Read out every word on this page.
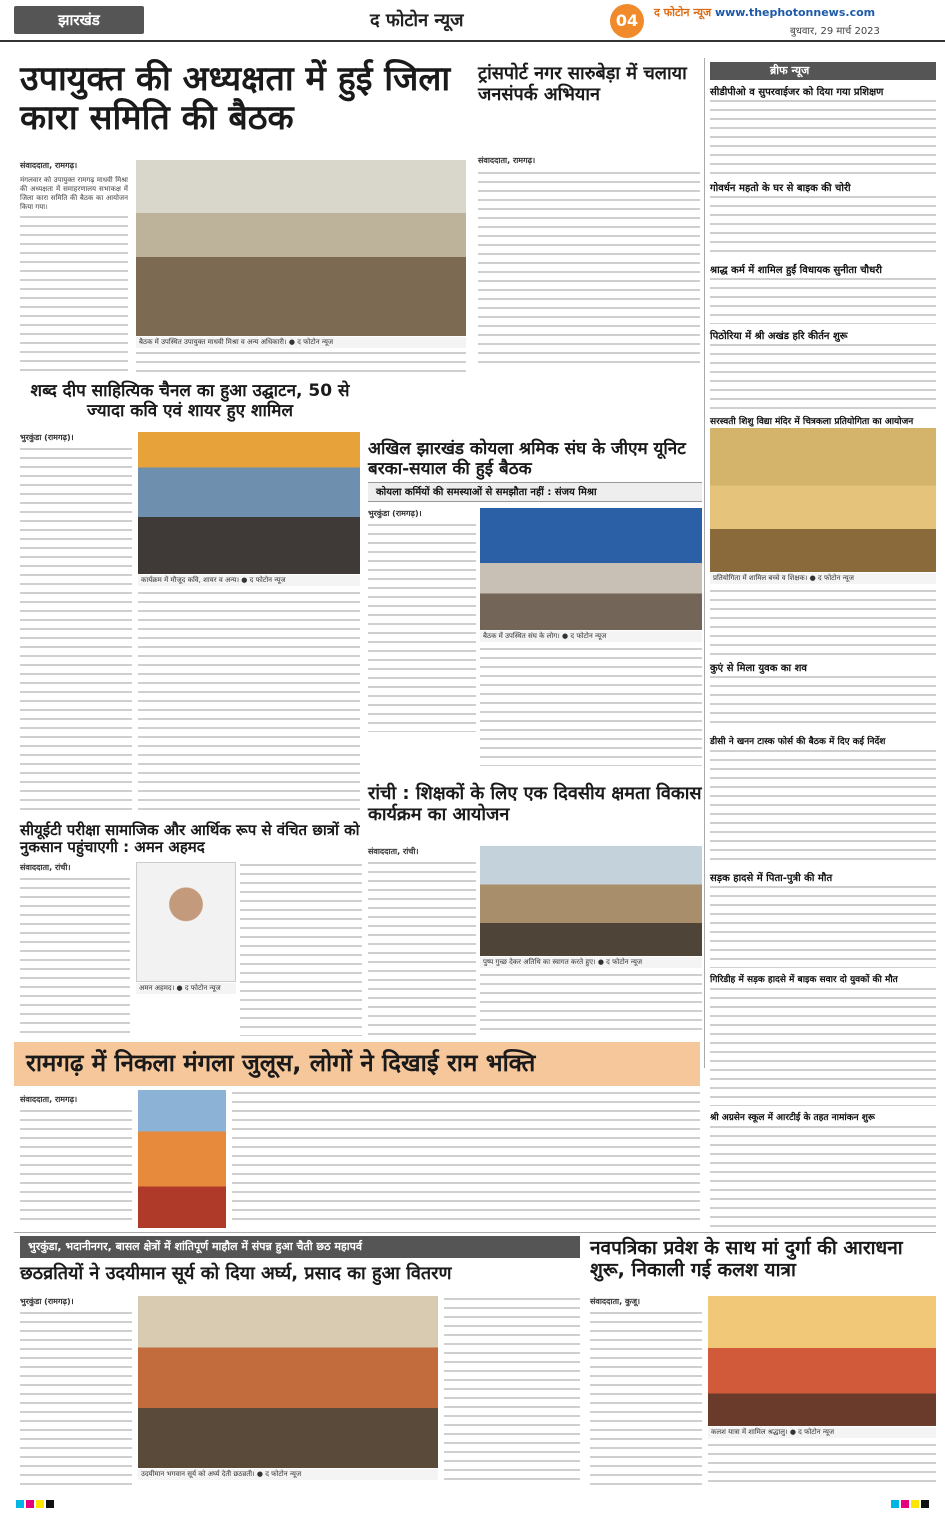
झारखंड	द फोटोन न्यूज	04	द फोटोन न्यूज www.thephotonnews.com
बुधवार, 29 मार्च 2023
उपायुक्त की अध्यक्षता में हुई जिला कारा समिति की बैठक
संवाददाता, रामगढ़।
मंगलवार को उपायुक्त रामगढ़ माधवी मिश्रा की अध्यक्षता में समाहरणालय सभाकक्ष में जिला कारा समिति की बैठक का आयोजन किया गया।
बैठक में उपस्थित उपायुक्त माधवी मिश्रा व अन्य अधिकारी। ● द फोटोन न्यूज
ट्रांसपोर्ट नगर सारुबेड़ा में चलाया जनसंपर्क अभियान
संवाददाता, रामगढ़।
शब्द दीप साहित्यिक चैनल का हुआ उद्घाटन, 50 से ज्यादा कवि एवं शायर हुए शामिल
भुरकुंडा (रामगढ़)।
कार्यक्रम में मौजूद कवि, शायर व अन्य। ● द फोटोन न्यूज
अखिल झारखंड कोयला श्रमिक संघ के जीएम यूनिट बरका-सयाल की हुई बैठक
कोयला कर्मियों की समस्याओं से समझौता नहीं : संजय मिश्रा
भुरकुंडा (रामगढ़)।
बैठक में उपस्थित संघ के लोग। ● द फोटोन न्यूज
सीयूईटी परीक्षा सामाजिक और आर्थिक रूप से वंचित छात्रों को नुकसान पहुंचाएगी : अमन अहमद
संवाददाता, रांची।
अमन अहमद। ● द फोटोन न्यूज
रांची : शिक्षकों के लिए एक दिवसीय क्षमता विकास कार्यक्रम का आयोजन
संवाददाता, रांची।
पुष्प गुच्छ देकर अतिथि का स्वागत करते हुए। ● द फोटोन न्यूज
रामगढ़ में निकला मंगला जुलूस, लोगों ने दिखाई राम भक्ति
संवाददाता, रामगढ़।
भुरकुंडा, भदानीनगर, बासल क्षेत्रों में शांतिपूर्ण माहौल में संपन्न हुआ चैती छठ महापर्व
छठव्रतियों ने उदयीमान सूर्य को दिया अर्घ्य, प्रसाद का हुआ वितरण
भुरकुंडा (रामगढ़)।
उदयीमान भगवान सूर्य को अर्घ्य देती छठव्रती। ● द फोटोन न्यूज
नवपत्रिका प्रवेश के साथ मां दुर्गा की आराधना शुरू, निकाली गई कलश यात्रा
संवाददाता, कुजू।
कलश यात्रा में शामिल श्रद्धालु। ● द फोटोन न्यूज
ब्रीफ न्यूज
सीडीपीओ व सुपरवाईजर को दिया गया प्रशिक्षण
गोवर्धन महतो के घर से बाइक की चोरी
श्राद्ध कर्म में शामिल हुईं विधायक सुनीता चौधरी
पिठोरिया में श्री अखंड हरि कीर्तन शुरू
सरस्वती शिशु विद्या मंदिर में चित्रकला प्रतियोगिता का आयोजन
प्रतियोगिता में शामिल बच्चे व शिक्षक। ● द फोटोन न्यूज
कुएं से मिला युवक का शव
डीसी ने खनन टास्क फोर्स की बैठक में दिए कई निर्देश
सड़क हादसे में पिता-पुत्री की मौत
गिरिडीह में सड़क हादसे में बाइक सवार दो युवकों की मौत
श्री अग्रसेन स्कूल में आरटीई के तहत नामांकन शुरू
